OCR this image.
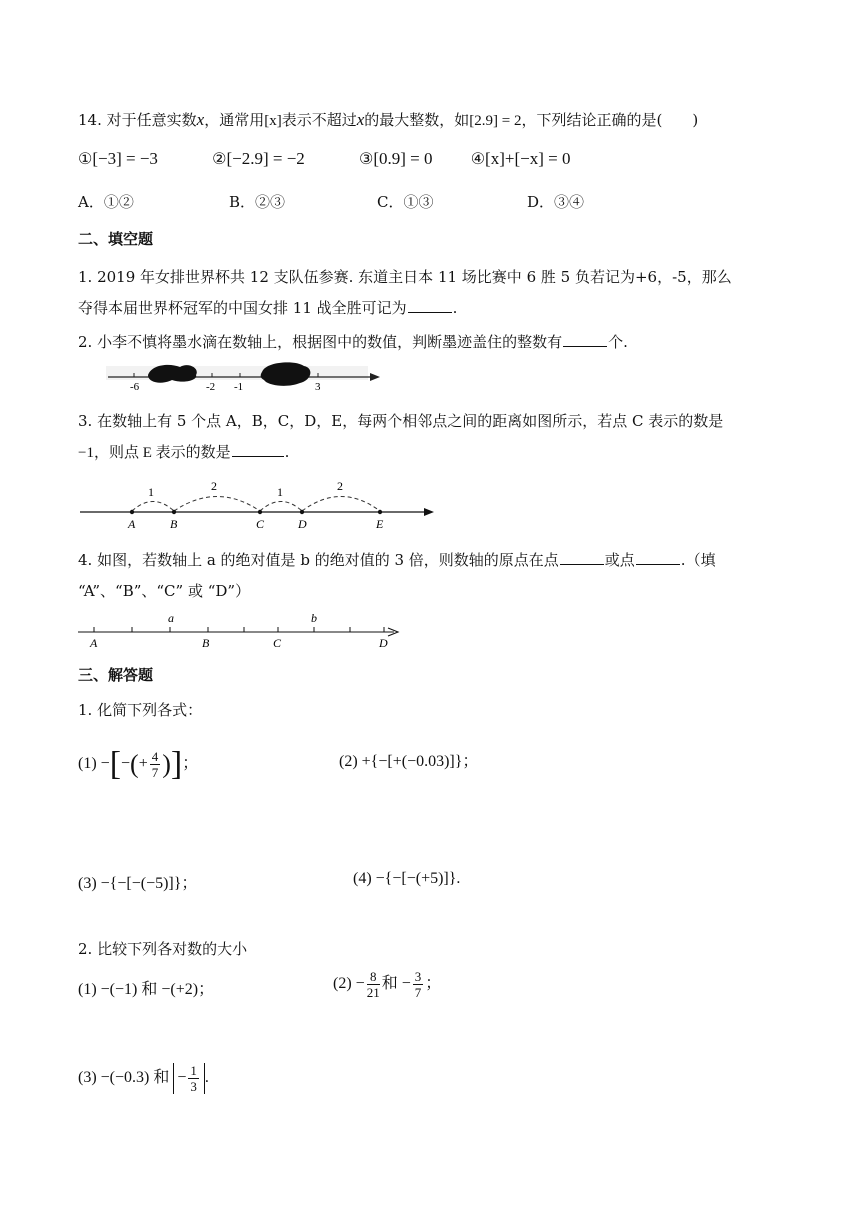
14. 对于任意实数x，通常用[x]表示不超过x的最大整数，如[2.9] = 2，下列结论正确的是(　　)
①[−3] = −3	②[−2.9] = −2	③[0.9] = 0 ④[x]+[−x] = 0
A．①②	B．②③	C．①③	D．③④
二、填空题
1. 2019 年女排世界杯共 12 支队伍参赛. 东道主日本 11 场比赛中 6 胜 5 负若记为+6，-5，那么
夺得本届世界杯冠军的中国女排 11 战全胜可记为	.
2. 小李不慎将墨水滴在数轴上，根据图中的数值，判断墨迹盖住的整数有	个.
-6	-2 -1	3
3. 在数轴上有 5 个点 A，B，C，D，E，每两个相邻点之间的距离如图所示，若点 C 表示的数是
−1，则点 E 表示的数是	.
1	2	1	2
A	B	C	D	E
4. 如图，若数轴上 a 的绝对值是 b 的绝对值的 3 倍，则数轴的原点在点	或点	.（填
“A”、“B”、“C” 或 “D”）
a	b
A	B	C	D
三、解答题
1. 化简下列各式：
(1) −[−(+ $\frac{4}{7}$ )]；	(2) +{−[+(−0.03)]}；
(3) −{−[−(−5)]}；	(4) −{−[−(+5)]}.
2. 比较下列各对数的大小
(1) −(−1) 和 −(+2)；	$(2) - \frac{8}{21}$ 和 − $\frac{3}{7}$ ；
(3) −(−0.3) 和 − $\frac{1}{3}$ .
